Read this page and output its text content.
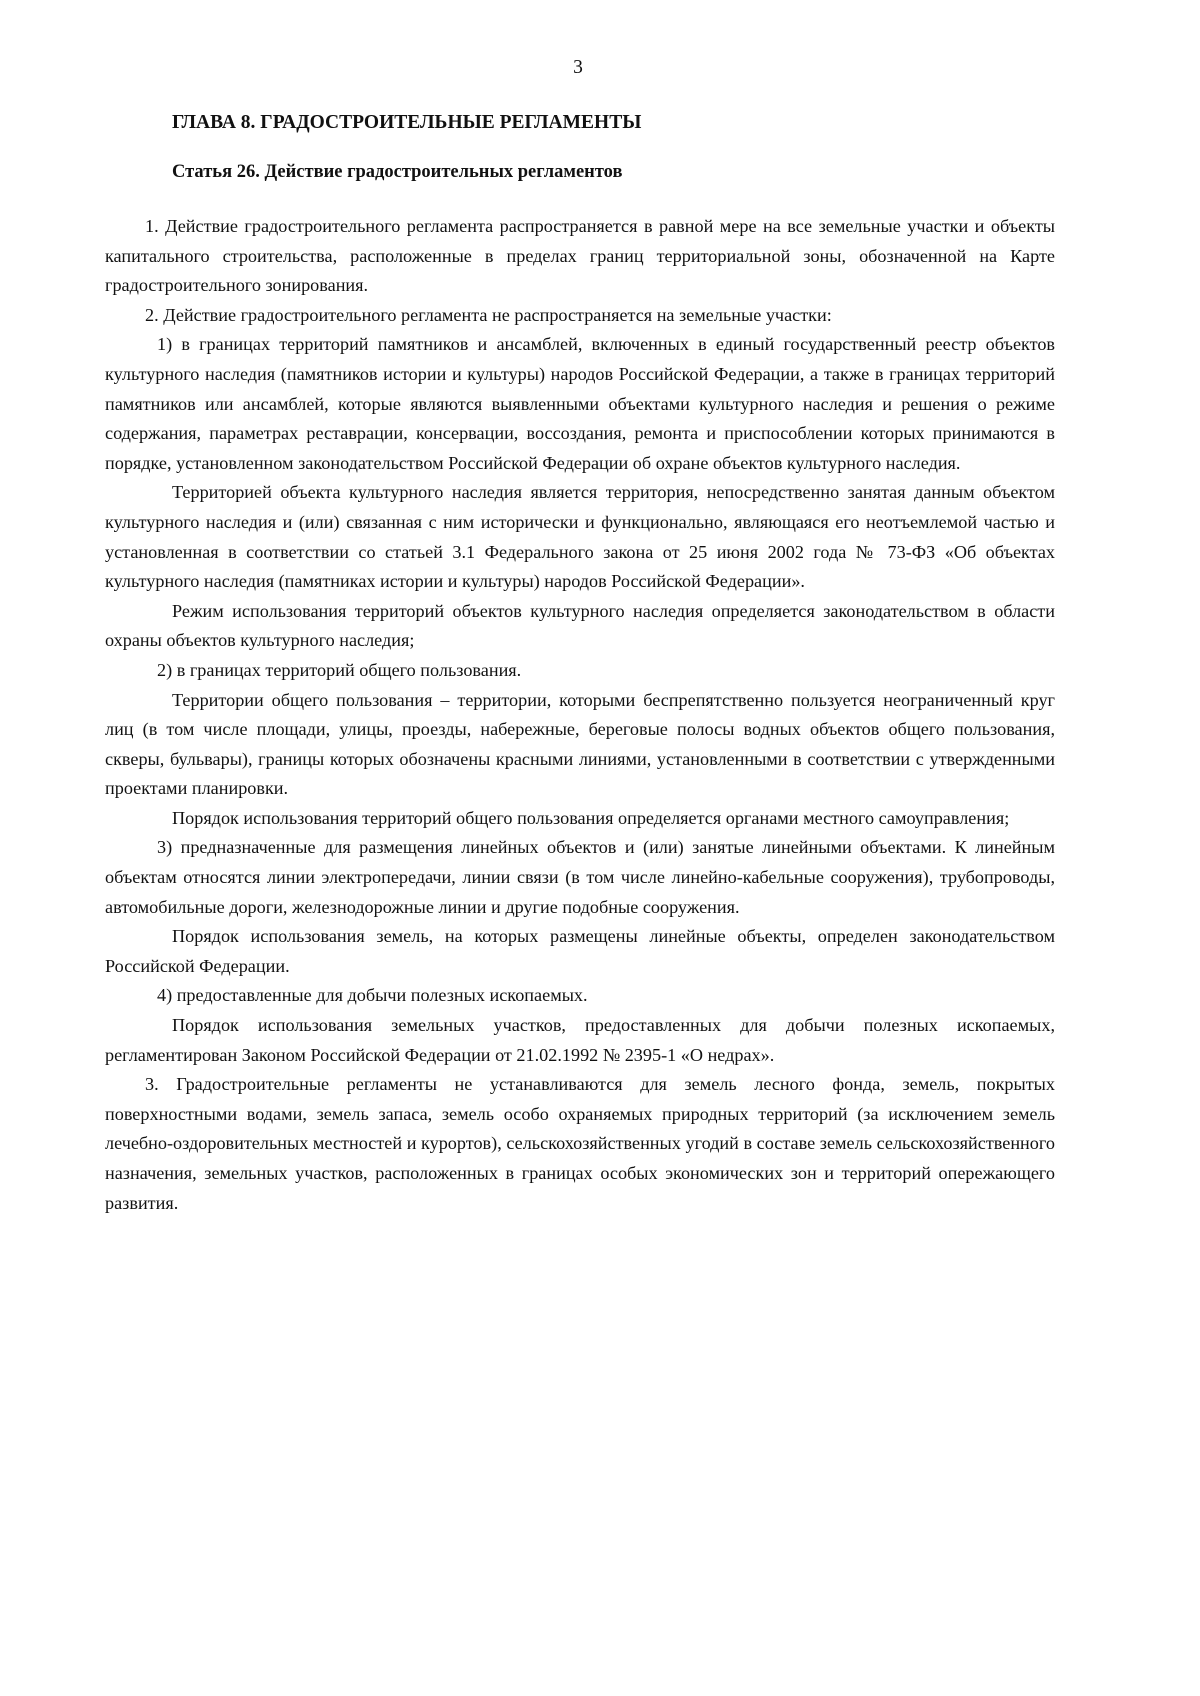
3
ГЛАВА 8. ГРАДОСТРОИТЕЛЬНЫЕ РЕГЛАМЕНТЫ
Статья 26. Действие градостроительных регламентов

1. Действие градостроительного регламента распространяется в равной мере на все земельные участки и объекты капитального строительства, расположенные в пределах границ территориальной зоны, обозначенной на Карте градостроительного зонирования.

2. Действие градостроительного регламента не распространяется на земельные участки:

1) в границах территорий памятников и ансамблей, включенных в единый государственный реестр объектов культурного наследия (памятников истории и культуры) народов Российской Федерации, а также в границах территорий памятников или ансамблей, которые являются выявленными объектами культурного наследия и решения о режиме содержания, параметрах реставрации, консервации, воссоздания, ремонта и приспособлении которых принимаются в порядке, установленном законодательством Российской Федерации об охране объектов культурного наследия.

Территорией объекта культурного наследия является территория, непосредственно занятая данным объектом культурного наследия и (или) связанная с ним исторически и функционально, являющаяся его неотъемлемой частью и установленная в соответствии со статьей 3.1 Федерального закона от 25 июня 2002 года № 73-ФЗ «Об объектах культурного наследия (памятниках истории и культуры) народов Российской Федерации».

Режим использования территорий объектов культурного наследия определяется законодательством в области охраны объектов культурного наследия;

2) в границах территорий общего пользования.

Территории общего пользования – территории, которыми беспрепятственно пользуется неограниченный круг лиц (в том числе площади, улицы, проезды, набережные, береговые полосы водных объектов общего пользования, скверы, бульвары), границы которых обозначены красными линиями, установленными в соответствии с утвержденными проектами планировки.

Порядок использования территорий общего пользования определяется органами местного самоуправления;

3) предназначенные для размещения линейных объектов и (или) занятые линейными объектами. К линейным объектам относятся линии электропередачи, линии связи (в том числе линейно-кабельные сооружения), трубопроводы, автомобильные дороги, железнодорожные линии и другие подобные сооружения.

Порядок использования земель, на которых размещены линейные объекты, определен законодательством Российской Федерации.

4) предоставленные для добычи полезных ископаемых.

Порядок использования земельных участков, предоставленных для добычи полезных ископаемых, регламентирован Законом Российской Федерации от 21.02.1992 № 2395-1 «О недрах».

3. Градостроительные регламенты не устанавливаются для земель лесного фонда, земель, покрытых поверхностными водами, земель запаса, земель особо охраняемых природных территорий (за исключением земель лечебно-оздоровительных местностей и курортов), сельскохозяйственных угодий в составе земель сельскохозяйственного назначения, земельных участков, расположенных в границах особых экономических зон и территорий опережающего развития.
